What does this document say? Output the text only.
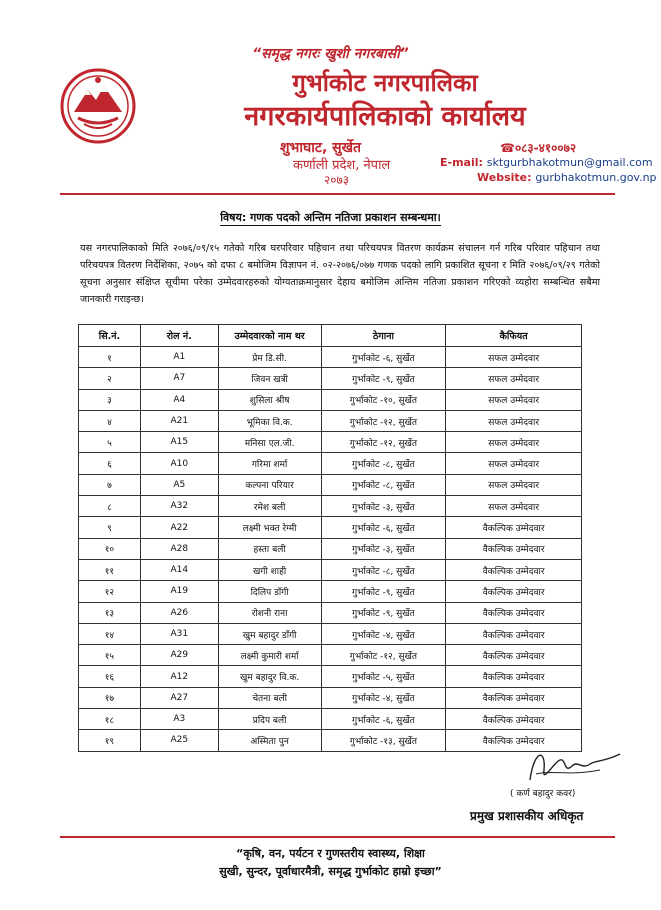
“समृद्ध नगरः खुशी नगरबासी”
गुर्भाकोट नगरपालिका
नगरकार्यपालिकाको कार्यालय
शुभाघाट, सुर्खेत
कर्णाली प्रदेश, नेपाल
२०७३
☎०८३-४१००७२
E-mail: sktgurbhakotmun@gmail.com
Website: gurbhakotmun.gov.np
विषय: गणक पदको अन्तिम नतिजा प्रकाशन सम्बन्धमा।
यस नगरपालिकाको मिति २०७६/०९/१५ गतेको गरिब घरपरिवार पहिचान तथा परिचयपत्र वितरण कार्यक्रम संचालन गर्न गरिब परिवार पहिचान तथा परिचयपत्र वितरण निर्देशिका, २०७५ को दफा ८ बमोजिम विज्ञापन नं. ०२-२०७६/०७७ गणक पदको लागि प्रकाशित सूचना र मिति २०७६/०९/२९ गतेको सूचना अनुसार संक्षिप्त सूचीमा परेका उम्मेदवारहरुको योग्यताक्रमानुसार देहाय बमोजिम अन्तिम नतिजा प्रकाशन गरिएको व्यहोरा सम्बन्धित सबैमा जानकारी गराइन्छ।
सि.नं.	रोल नं.	उम्मेदवारको नाम थर	ठेगाना	कैफियत
१	A1	प्रेम डि.सी.	गुर्भाकोट -६, सुर्खेत	सफल उम्मेदवार
२	A7	जिवन खत्री	गुर्भाकोट -९, सुर्खेत	सफल उम्मेदवार
३	A4	शुसिला श्रीष	गुर्भाकोट -१०, सुर्खेत	सफल उम्मेदवार
४	A21	भूमिका वि.क.	गुर्भाकोट -१२, सुर्खेत	सफल उम्मेदवार
५	A15	मनिसा एल.जी.	गुर्भाकोट -१२, सुर्खेत	सफल उम्मेदवार
६	A10	गरिमा शर्मा	गुर्भाकोट -८, सुर्खेत	सफल उम्मेदवार
७	A5	कल्पना परियार	गुर्भाकोट -८, सुर्खेत	सफल उम्मेदवार
८	A32	रमेश बली	गुर्भाकोट -३, सुर्खेत	सफल उम्मेदवार
९	A22	लक्ष्मी भक्त रेग्मी	गुर्भाकोट -६, सुर्खेत	वैकल्पिक उम्मेदवार
१०	A28	हस्ता बली	गुर्भाकोट -३, सुर्खेत	वैकल्पिक उम्मेदवार
११	A14	खगी शाही	गुर्भाकोट -८, सुर्खेत	वैकल्पिक उम्मेदवार
१२	A19	दिलिप डाँगी	गुर्भाकोट -९, सुर्खेत	वैकल्पिक उम्मेदवार
१३	A26	रोशनी राना	गुर्भाकोट -९, सुर्खेत	वैकल्पिक उम्मेदवार
१४	A31	खुम बहादुर डाँगी	गुर्भाकोट -४, सुर्खेत	वैकल्पिक उम्मेदवार
१५	A29	लक्ष्मी कुमारी शर्मा	गुर्भाकोट -१२, सुर्खेत	वैकल्पिक उम्मेदवार
१६	A12	खुम बहादुर वि.क.	गुर्भाकोट -५, सुर्खेत	वैकल्पिक उम्मेदवार
१७	A27	चेतना बली	गुर्भाकोट -४, सुर्खेत	वैकल्पिक उम्मेदवार
१८	A3	प्रदिप बली	गुर्भाकोट -६, सुर्खेत	वैकल्पिक उम्मेदवार
१९	A25	अस्मिता पुन	गुर्भाकोट -१३, सुर्खेत	वैकल्पिक उम्मेदवार
( कर्ण बहादुर कवर)
प्रमुख प्रशासकीय अधिकृत
“कृषि, वन, पर्यटन र गुणस्तरीय स्वास्थ्य, शिक्षा
सुखी, सुन्दर, पूर्वाधारमैत्री, समृद्ध गुर्भाकोट हाम्रो इच्छा”
